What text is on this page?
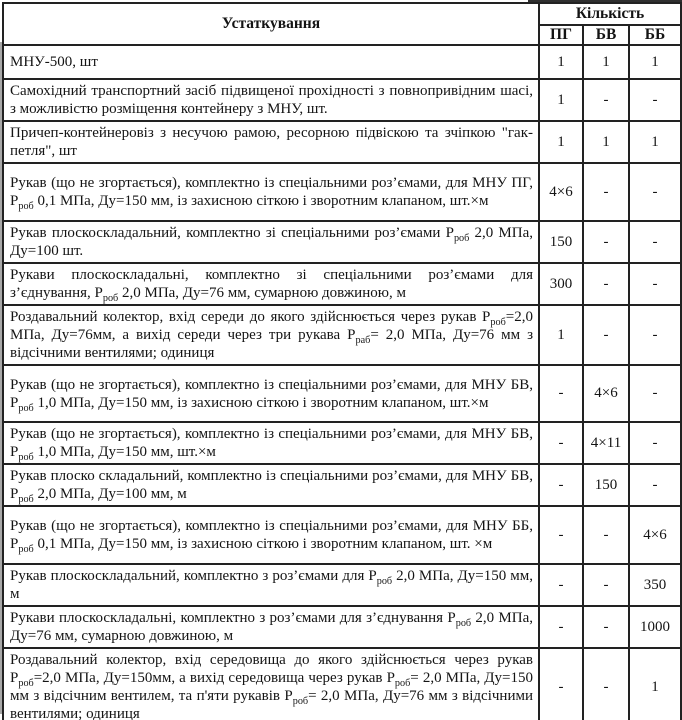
Устаткування	Кількість		
	ПГ	БВ	ББ
МНУ-500, шт	1	1	1
Самохідний транспортний засіб підвищеної прохідності з повнопривідним шасі, з можливістю розміщення контейнеру з МНУ, шт.	1	-	-
Причеп-контейнеровіз з несучою рамою, ресорною підвіскою та зчіпкою "гак-петля", шт	1	1	1
Рукав (що не згортається), комплектно із спеціальними роз’ємами, для МНУ ПГ, $Р_{роб}$ 0,1 МПа, Ду=150 мм, із захисною сіткою і зворотним клапаном, шт.×м	4×6	-	-
Рукав плоскоскладальний, комплектно зі спеціальними роз’ємами $Р_{роб}$ 2,0 МПа, Ду=100 шт.	150	-	-
Рукави плоскоскладальні, комплектно зі спеціальними роз’ємами для з’єднування, $Р_{роб}$ 2,0 МПа, Ду=76 мм, сумарною довжиною, м	300	-	-
Роздавальний колектор, вхід середи до якого здійснюється через рукав $Р_{роб}=2,0$ МПа, Ду=76мм, а вихід середи через три рукава $Р_{раб}= 2,0$ МПа, Ду=76 мм з відсічними вентилями; одиниця	1	-	-
Рукав (що не згортається), комплектно із спеціальними роз’ємами, для МНУ БВ, $Р_{роб}$ 1,0 МПа, Ду=150 мм, із захисною сіткою і зворотним клапаном, шт.×м	-	4×6	-
Рукав (що не згортається), комплектно із спеціальними роз’ємами, для МНУ БВ, $Р_{роб}$ 1,0 МПа, Ду=150 мм, шт.×м	-	4×11	-
Рукав плоско складальний, комплектно із спеціальними роз’ємами, для МНУ БВ, $Р_{роб}$ 2,0 МПа, Ду=100 мм, м	-	150	-
Рукав (що не згортається), комплектно із спеціальними роз’ємами, для МНУ ББ, $Р_{роб}$ 0,1 МПа, Ду=150 мм, із захисною сіткою і зворотним клапаном, шт. ×м	-	-	4×6
Рукав плоскоскладальний, комплектно з роз’ємами для $Р_{роб}$ 2,0 МПа, Ду=150 мм, м	-	-	350
Рукави плоскоскладальні, комплектно з роз’ємами для з’єднування $Р_{роб}$ 2,0 МПа, Ду=76 мм, сумарною довжиною, м	-	-	1000
Роздавальний колектор, вхід середовища до якого здійснюється через рукав $Р_{роб}=2,0$ МПа, Ду=150мм, а вихід середовища через рукав $Р_{роб}= 2,0$ МПа, Ду=150 мм з відсічним вентилем, та п'яти рукавів $Р_{роб}= 2,0$ МПа, Ду=76 мм з відсічними вентилями; одиниця	-	-	1
